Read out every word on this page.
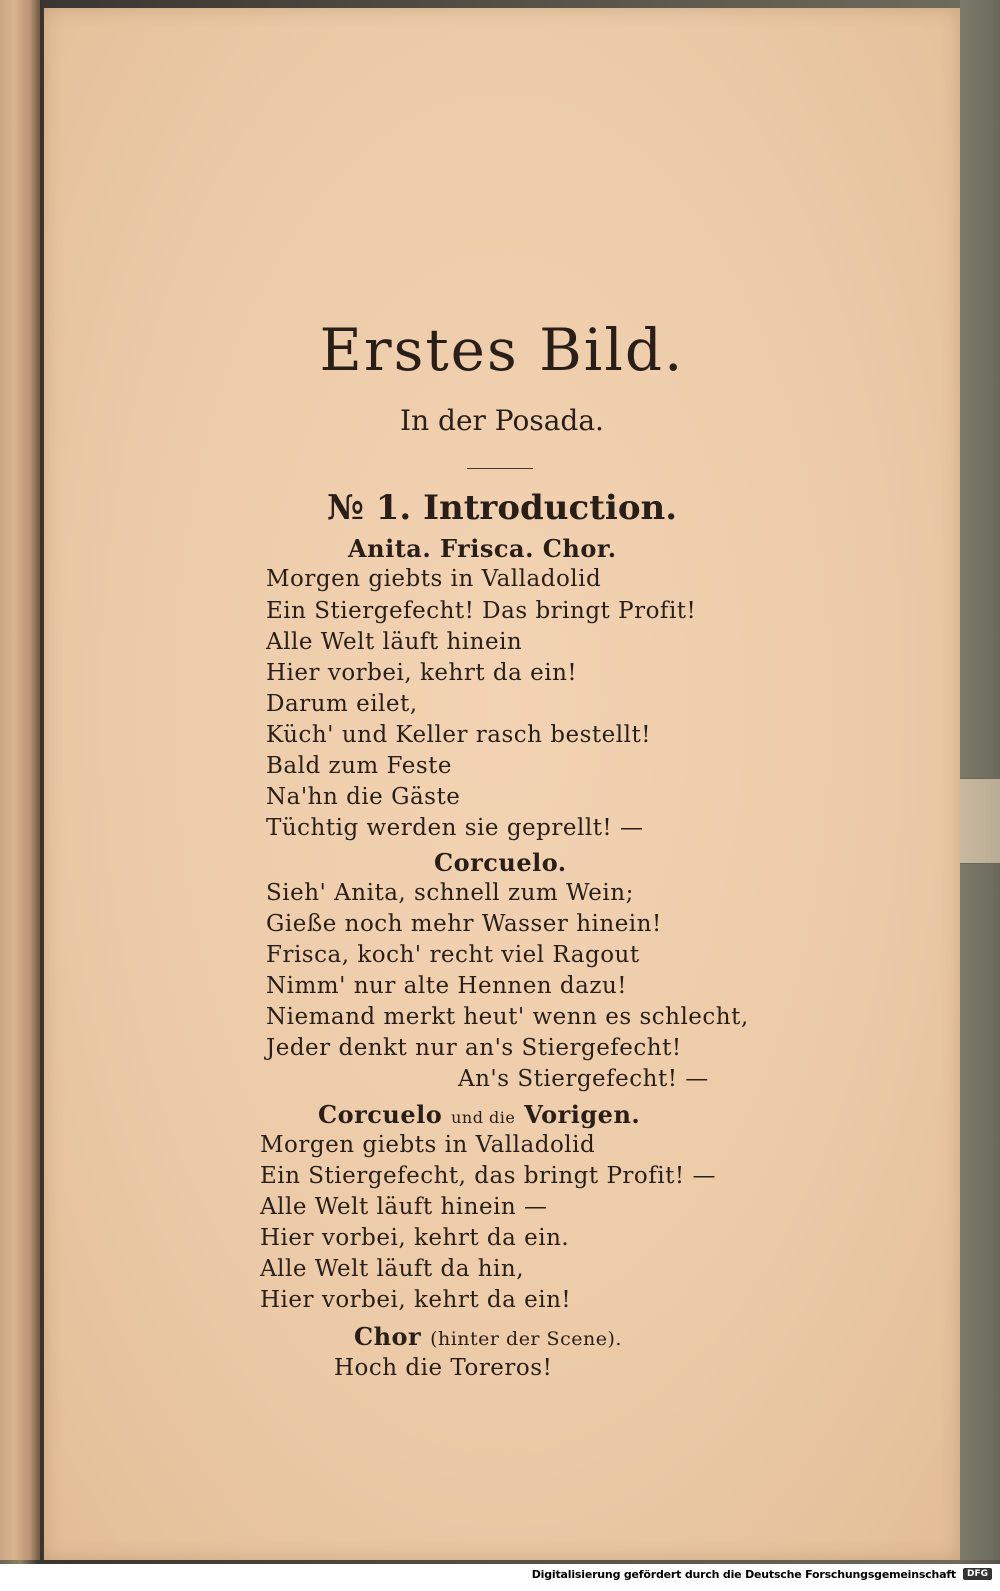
Erstes Bild.
In der Posada.
№ 1. Introduction.
Anita. Frisca. Chor.
Morgen giebts in Valladolid
Ein Stiergefecht! Das bringt Profit!
Alle Welt läuft hinein
Hier vorbei, kehrt da ein!
Darum eilet,
Küch' und Keller rasch bestellt!
Bald zum Feste
Na'hn die Gäste
Tüchtig werden sie geprellt! —
Corcuelo.
Sieh' Anita, schnell zum Wein;
Gieße noch mehr Wasser hinein!
Frisca, koch' recht viel Ragout
Nimm' nur alte Hennen dazu!
Niemand merkt heut' wenn es schlecht,
Jeder denkt nur an's Stiergefecht!
An's Stiergefecht! —
Corcuelo und die Vorigen.
Morgen giebts in Valladolid
Ein Stiergefecht, das bringt Profit! —
Alle Welt läuft hinein —
Hier vorbei, kehrt da ein.
Alle Welt läuft da hin,
Hier vorbei, kehrt da ein!
Chor (hinter der Scene).
Hoch die Toreros!
Digitalisierung gefördert durch die Deutsche Forschungsgemeinschaft	DFG
